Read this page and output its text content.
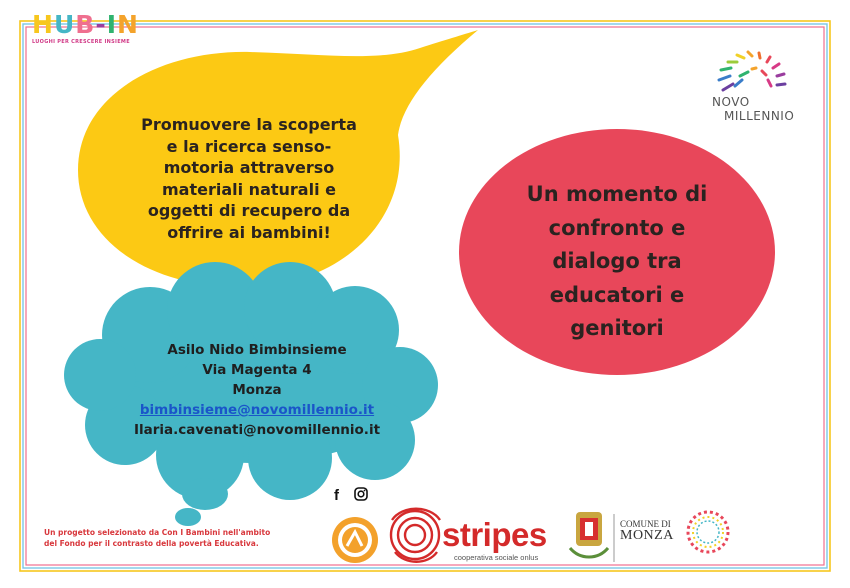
HUB-IN
LUOGHI PER CRESCERE INSIEME
NOVO
MILLENNIO
Promuovere la scoperta
e la ricerca senso-
motoria attraverso
materiali naturali e
oggetti di recupero da
offrire ai bambini!
Un momento di
confronto e
dialogo tra
educatori e
genitori
Asilo Nido Bimbinsieme
Via Magenta 4
Monza
bimbinsieme@novomillennio.it
Ilaria.cavenati@novomillennio.it
f
Un progetto selezionato da Con I Bambini nell'ambito
del Fondo per il contrasto della povertà Educativa.	stripes
cooperativa sociale onlus
COMUNE DI
MONZA
